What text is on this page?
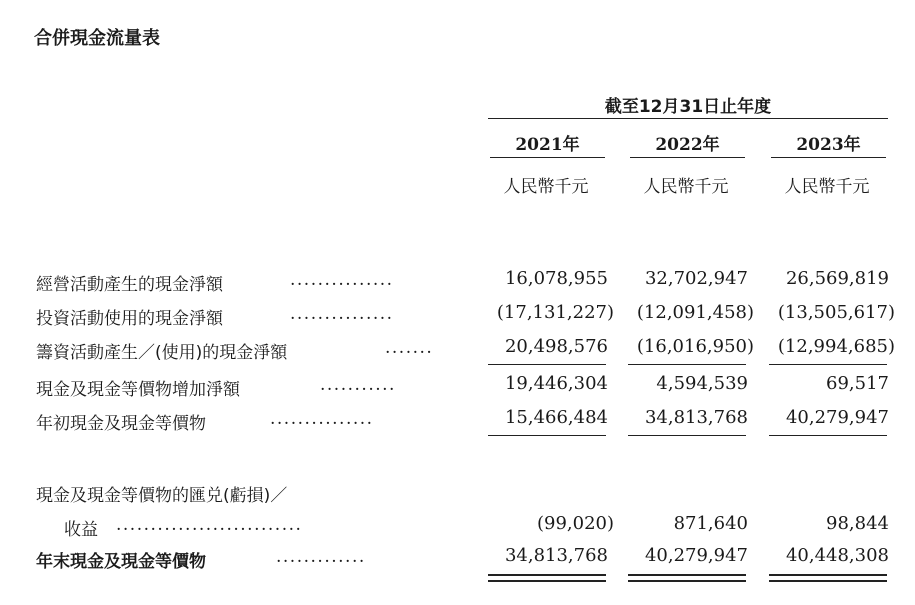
合併現金流量表
截至12月31日止年度
2021年	2022年	2023年
人民幣千元	人民幣千元	人民幣千元
經營活動產生的現金淨額	...............	16,078,955	32,702,947	26,569,819
投資活動使用的現金淨額	...............	(17,131,227)	(12,091,458)	(13,505,617)
籌資活動產生／(使用)的現金淨額	.......	20,498,576	(16,016,950)	(12,994,685)
現金及現金等價物增加淨額	...........	19,446,304	4,594,539	69,517
年初現金及現金等價物	...............	15,466,484	34,813,768	40,279,947
現金及現金等價物的匯兑(虧損)／
收益 ...........................	(99,020)	871,640	98,844
年末現金及現金等價物	.............	34,813,768	40,279,947	40,448,308
